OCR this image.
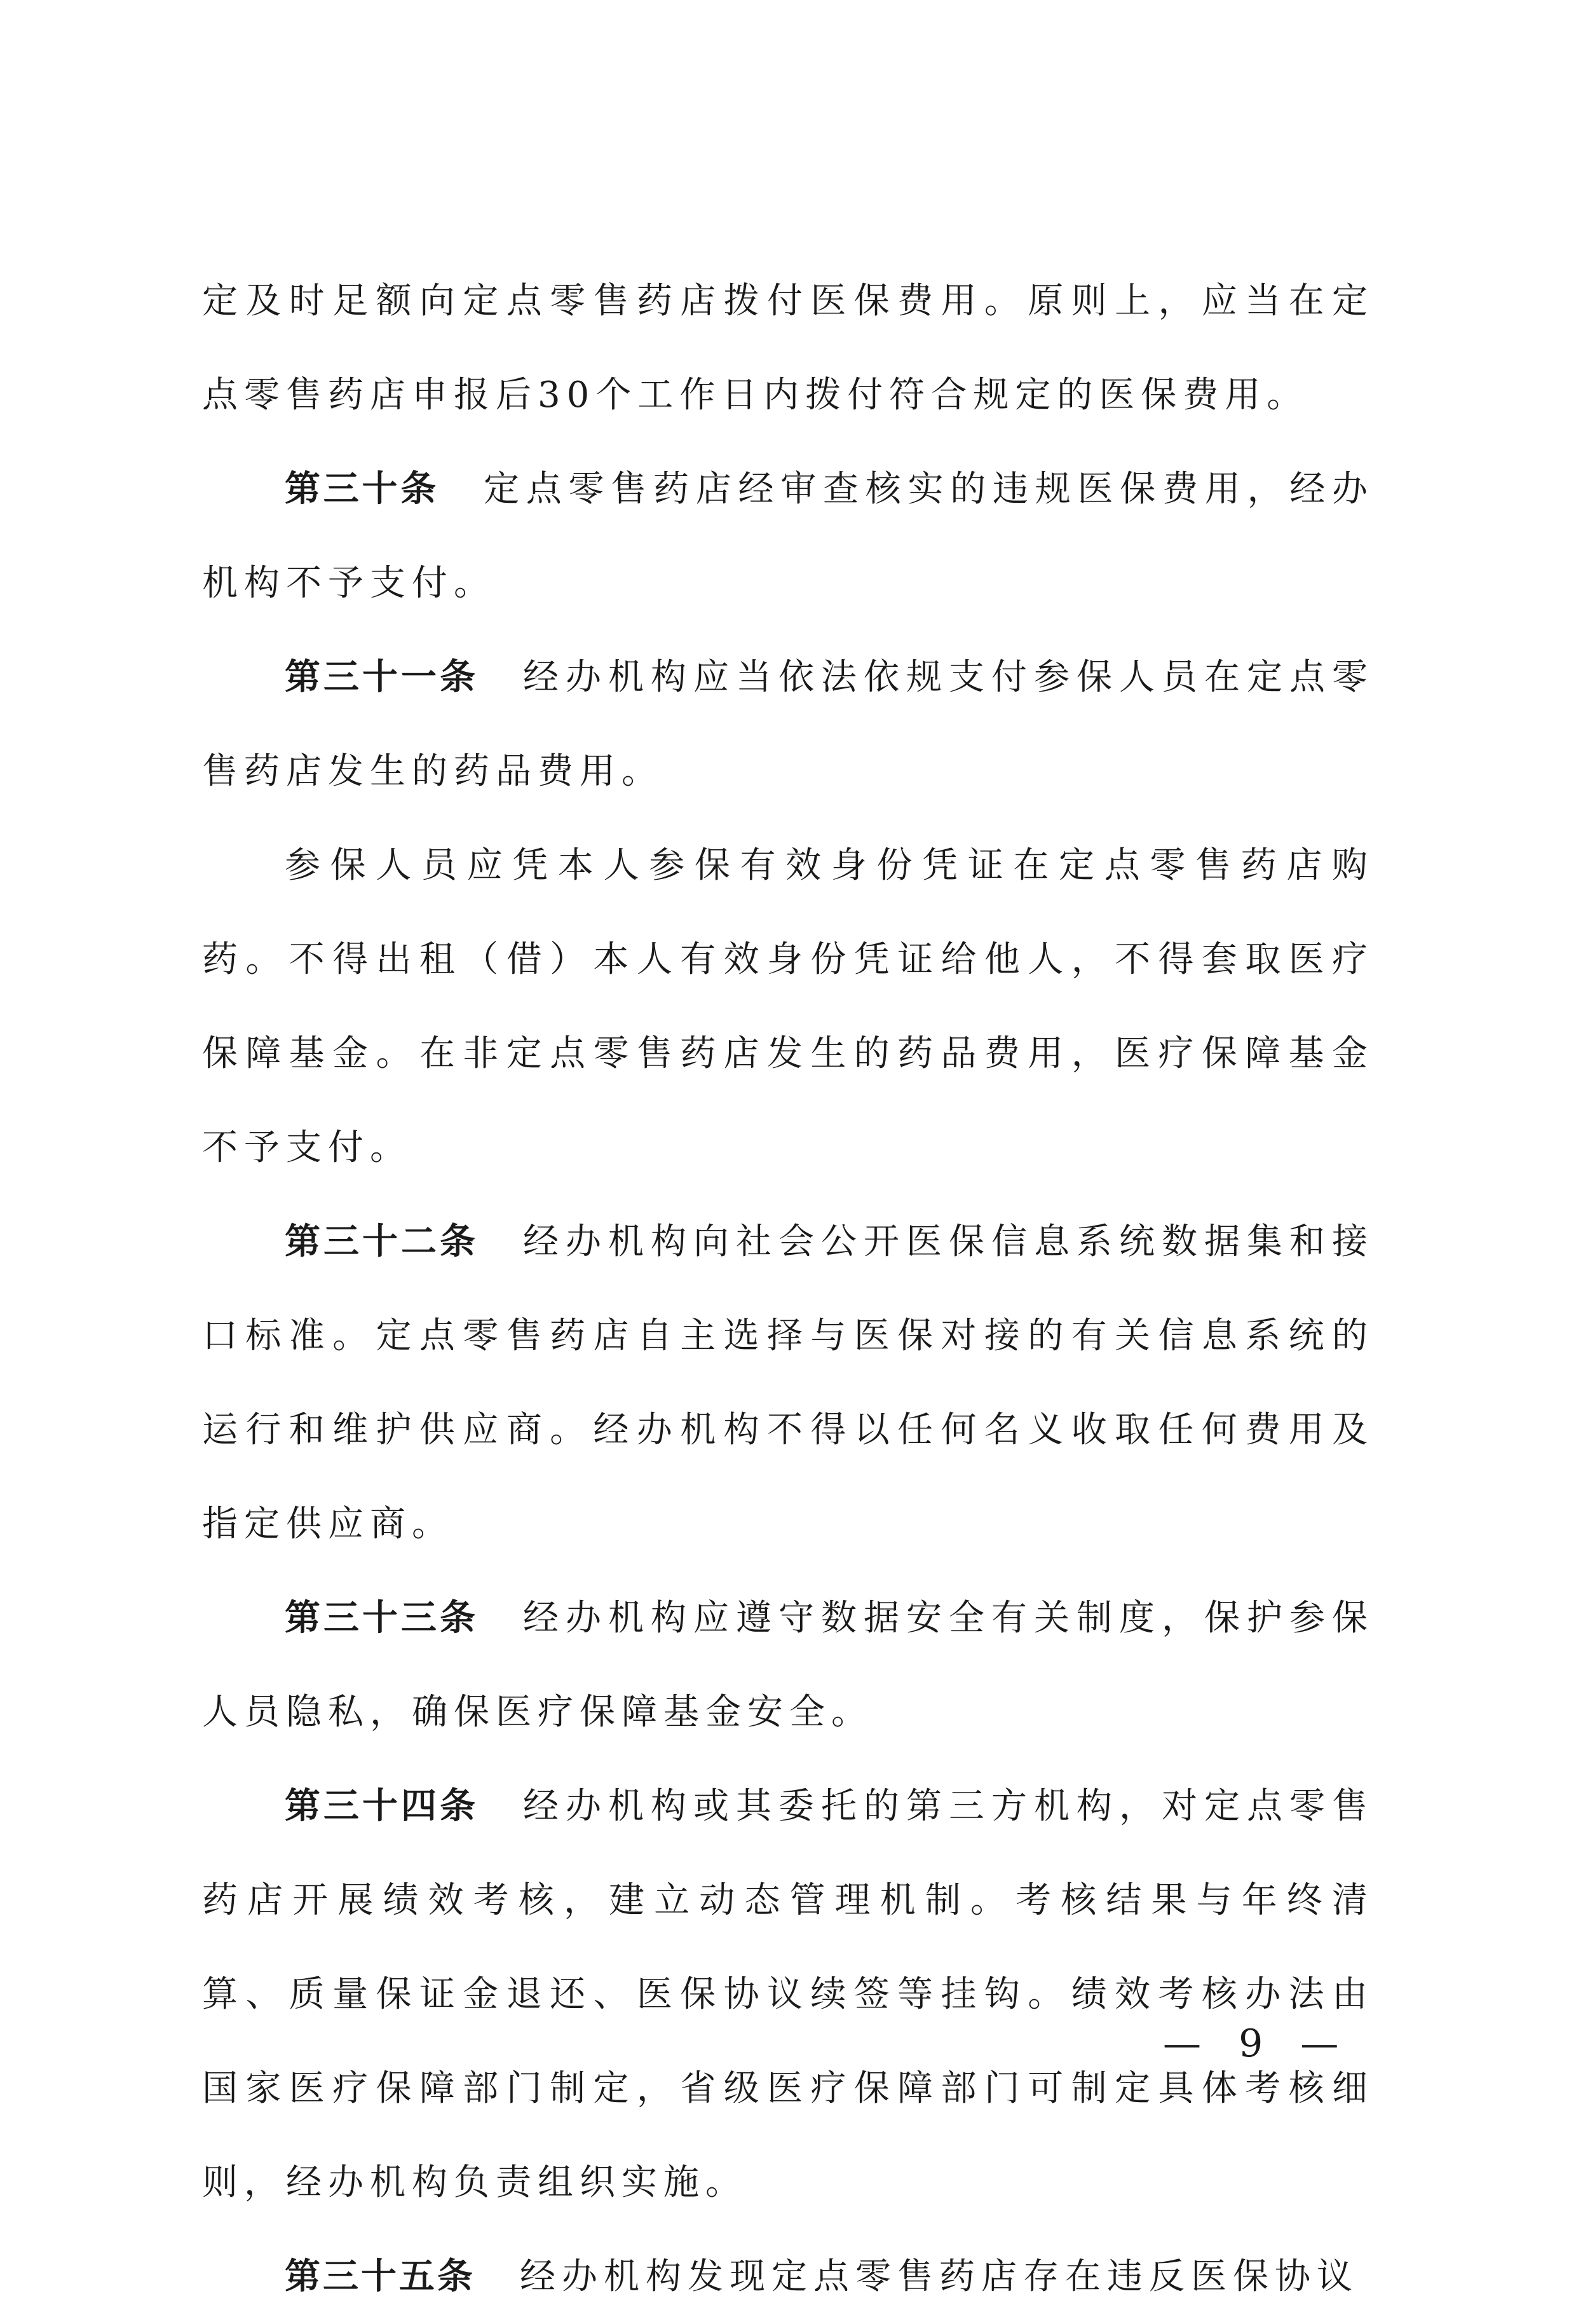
定及时足额向定点零售药店拨付医保费用。原则上，应当在定点零售药店申报后30个工作日内拨付符合规定的医保费用。

第三十条 定点零售药店经审查核实的违规医保费用，经办机构不予支付。

第三十一条 经办机构应当依法依规支付参保人员在定点零售药店发生的药品费用。

参保人员应凭本人参保有效身份凭证在定点零售药店购药。不得出租（借）本人有效身份凭证给他人，不得套取医疗保障基金。在非定点零售药店发生的药品费用，医疗保障基金不予支付。

第三十二条 经办机构向社会公开医保信息系统数据集和接口标准。定点零售药店自主选择与医保对接的有关信息系统的运行和维护供应商。经办机构不得以任何名义收取任何费用及指定供应商。

第三十三条 经办机构应遵守数据安全有关制度，保护参保人员隐私，确保医疗保障基金安全。

第三十四条 经办机构或其委托的第三方机构，对定点零售药店开展绩效考核，建立动态管理机制。考核结果与年终清算、质量保证金退还、医保协议续签等挂钩。绩效考核办法由国家医疗保障部门制定，省级医疗保障部门可制定具体考核细则，经办机构负责组织实施。

第三十五条 经办机构发现定点零售药店存在违反医保协议

— 9 —
